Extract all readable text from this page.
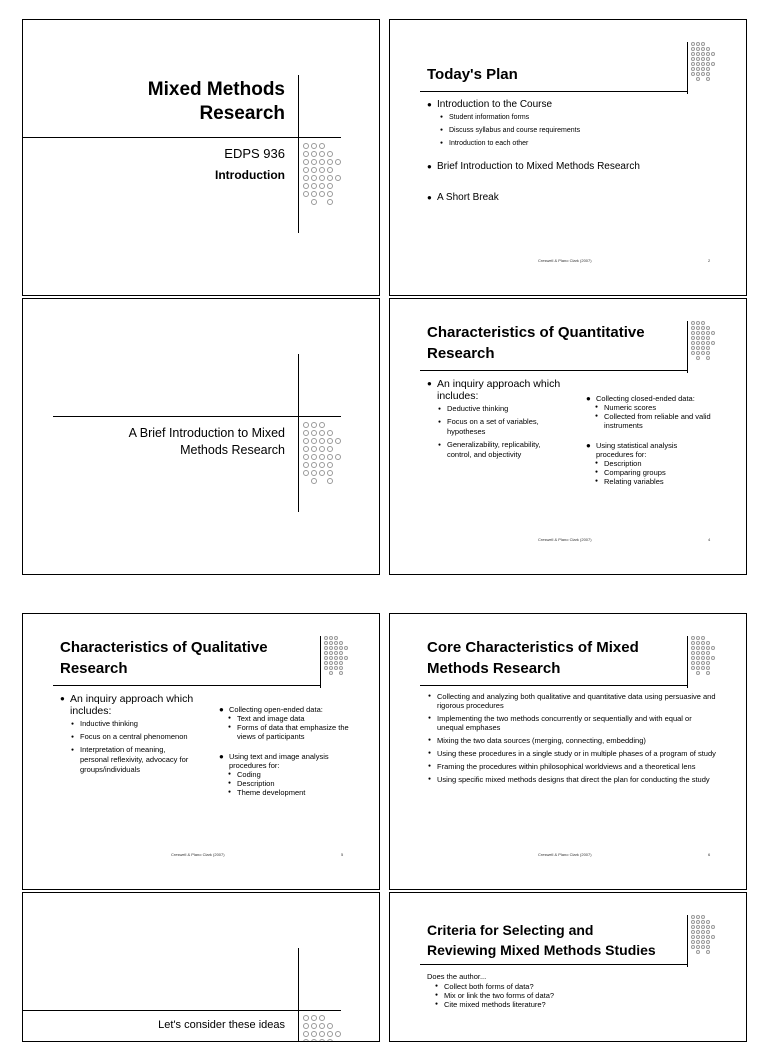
Mixed Methods
Research
EDPS 936
Introduction
Today's Plan
● Introduction to the Course
● Student information forms
● Discuss syllabus and course requirements
● Introduction to each other
● Brief Introduction to Mixed Methods Research
● A Short Break
Creswell & Plano Clark (2007)	2
A Brief Introduction to Mixed
Methods Research
Characteristics of Quantitative
Research
● An inquiry approach which includes:
● Deductive thinking
● Focus on a set of variables, hypotheses
● Generalizability, replicability, control, and objectivity
● Collecting closed-ended data:
● Numeric scores
● Collected from reliable and valid instruments
● Using statistical analysis procedures for:
● Description
● Comparing groups
● Relating variables
Creswell & Plano Clark (2007)	4
Characteristics of Qualitative
Research
● An inquiry approach which includes:
● Inductive thinking
● Focus on a central phenomenon
● Interpretation of meaning, personal reflexivity, advocacy for groups/individuals
● Collecting open-ended data:
● Text and image data
● Forms of data that emphasize the views of participants
● Using text and image analysis procedures for:
● Coding
● Description
● Theme development
Creswell & Plano Clark (2007)	5
Core Characteristics of Mixed
Methods Research
● Collecting and analyzing both qualitative and quantitative data using persuasive and rigorous procedures
● Implementing the two methods concurrently or sequentially and with equal or unequal emphases
● Mixing the two data sources (merging, connecting, embedding)
● Using these procedures in a single study or in multiple phases of a program of study
● Framing the procedures within philosophical worldviews and a theoretical lens
● Using specific mixed methods designs that direct the plan for conducting the study
Creswell & Plano Clark (2007)	6
Let's consider these ideas
Criteria for Selecting and
Reviewing Mixed Methods Studies
Does the author...
● Collect both forms of data?
● Mix or link the two forms of data?
● Cite mixed methods literature?
